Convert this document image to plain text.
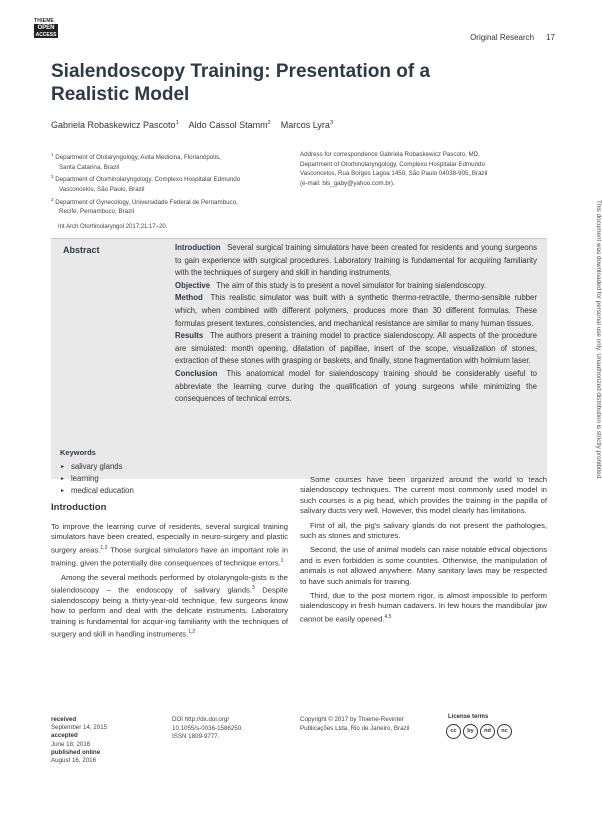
THIEME
OPEN
ACCESS	Original Research 17
Sialendoscopy Training: Presentation of a Realistic Model
Gabriela Robaskewicz Pascoto$^1$ Aldo Cassol Stamm$^2$ Marcos Lyra$^3$
$^1$ Department of Otolaryngology, Avita Medicina, Florianópolis,
Santa Catarina, Brazil
$^2$ Department of Otorhinolaryngology, Complexo Hospitalar Edmundo
Vasconcelos, São Paulo, Brazil
$^3$ Department of Gynecology, Universidade Federal de Pernambuco,
Recife, Pernambuco, Brazil
Address for correspondence Gabriela Robaskewicz Pascoto, MD,
Department of Otorhinolaryngology, Complexo Hospitalar Edmundo
Vasconcelos, Rua Borges Lagoa 1450, São Paulo 04038-905, Brazil
(e-mail: bls_gaby@yahoo.com.br).
Int Arch Otorhinolaryngol 2017;21:17–20.
Abstract	Introduction Several surgical training simulators have been created for residents and young surgeons to gain experience with surgical procedures. Laboratory training is fundamental for acquiring familiarity with the techniques of surgery and skill in handing instruments.

Objective The aim of this study is to present a novel simulator for training sialendoscopy.

Method This realistic simulator was built with a synthetic thermo-retractile, thermo-sensible rubber which, when combined with different polymers, produces more than 30 different formulas. These formulas present textures, consistencies, and mechanical resistance are similar to many human tissues.

Results The authors present a training model to practice sialendoscopy. All aspects of the procedure are simulated: month opening, dilatation of papillae, insert of the scope, visualization of stones, extraction of these stones with grasping or baskets, and finally, stone fragmentation with holmium laser.

Conclusion This anatomical model for sialendoscopy training should be considerably useful to abbreviate the learning curve during the qualification of young surgeons while minimizing the consequences of technical errors.

Keywords
► salivary glands
► learning
► medical education
Introduction

To improve the learning curve of residents, several surgical training simulators have been created, especially in neuro-surgery and plastic surgery areas.$^{1,2}$ Those surgical simulators have an important role in training, given the potentially dire consequences of technique errors.$^1$

Among the several methods performed by otolaryngolo-gists is the sialendoscopy – the endoscopy of salivary glands.$^3$ Despite sialendoscopy being a thirty-year-old technique, few surgeons know how to perform and deal with the delicate instruments. Laboratory training is fundamental for acquir-ing familiarity with the techniques of surgery and skill in handling instruments.$^{1,2}$

Some courses have been organized around the world to teach sialendoscopy techniques. The current most commonly used model in such courses is a pig head, which provides the training in the papilla of salivary ducts very well. However, this model clearly has limitations.

First of all, the pig's salivary glands do not present the pathologies, such as stones and strictures.

Second, the use of animal models can raise notable ethical objections and is even forbidden is some countries. Otherwise, the manipulation of animals is not allowed anywhere. Many sanitary laws may be respected to have such animals for training.

Third, due to the post mortem rigor, is almost impossible to perform sialendoscopy in fresh human cadavers. In few hours the mandibular jaw cannot be easily opened.$^{4,5}$

received
September 14, 2015
accepted
June 18, 2016
published online
August 16, 2016
DOI http://dx.doi.org/
10.1055/s-0036-1586250.
ISSN 1809-9777.
Copyright © 2017 by Thieme-Revinter
Publicações Ltda, Rio de Janeiro, Brazil
License terms
cc	by	nd	nc
This document was downloaded for personal use only. Unauthorized distribution is strictly prohibited.
